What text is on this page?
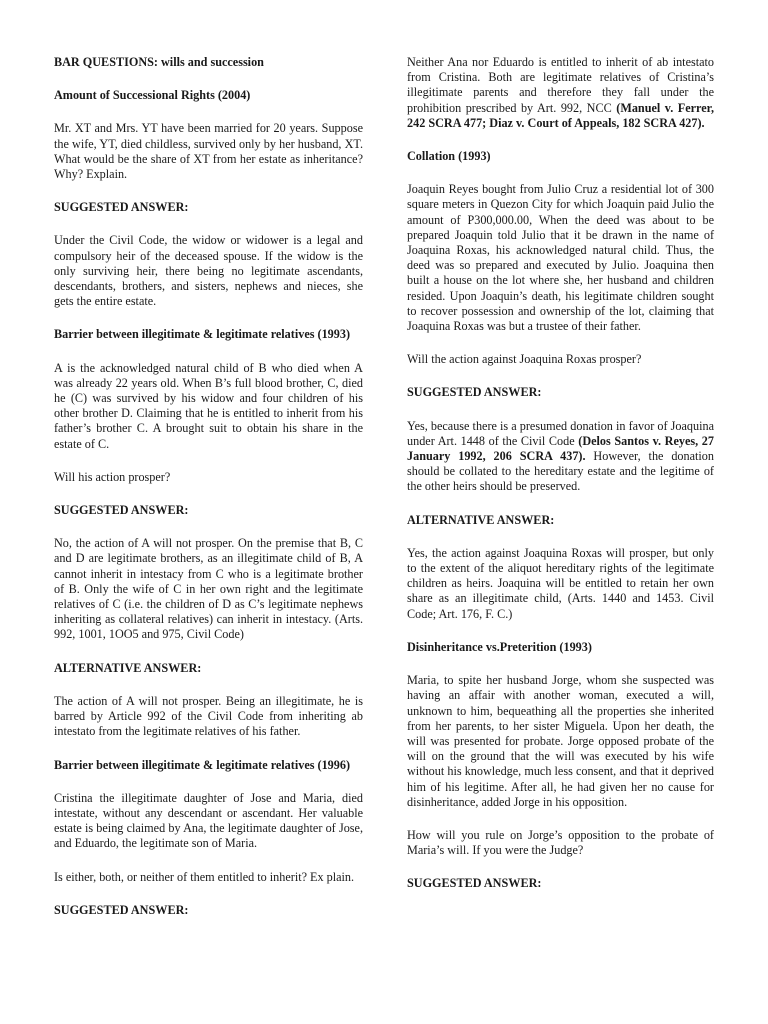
BAR QUESTIONS: wills and succession
Amount of Successional Rights (2004)

Mr. XT and Mrs. YT have been married for 20 years. Suppose the wife, YT, died childless, survived only by her husband, XT. What would be the share of XT from her estate as inheritance? Why? Explain.

SUGGESTED ANSWER:

Under the Civil Code, the widow or widower is a legal and compulsory heir of the deceased spouse. If the widow is the only surviving heir, there being no legitimate ascendants, descendants, brothers, and sisters, nephews and nieces, she gets the entire estate.

Barrier between illegitimate & legitimate relatives (1993)

A is the acknowledged natural child of B who died when A was already 22 years old. When B’s full blood brother, C, died he (C) was survived by his widow and four children of his other brother D. Claiming that he is entitled to inherit from his father’s brother C. A brought suit to obtain his share in the estate of C.

Will his action prosper?

SUGGESTED ANSWER:

No, the action of A will not prosper. On the premise that B, C and D are legitimate brothers, as an illegitimate child of B, A cannot inherit in intestacy from C who is a legitimate brother of B. Only the wife of C in her own right and the legitimate relatives of C (i.e. the children of D as C’s legitimate nephews inheriting as collateral relatives) can inherit in intestacy. (Arts. 992, 1001, 1OO5 and 975, Civil Code)

ALTERNATIVE ANSWER:

The action of A will not prosper. Being an illegitimate, he is barred by Article 992 of the Civil Code from inheriting ab intestato from the legitimate relatives of his father.

Barrier between illegitimate & legitimate relatives (1996)

Cristina the illegitimate daughter of Jose and Maria, died intestate, without any descendant or ascendant. Her valuable estate is being claimed by Ana, the legitimate daughter of Jose, and Eduardo, the legitimate son of Maria.

Is either, both, or neither of them entitled to inherit? Ex plain.

SUGGESTED ANSWER:

Neither Ana nor Eduardo is entitled to inherit of ab intestato from Cristina. Both are legitimate relatives of Cristina’s illegitimate parents and therefore they fall under the prohibition prescribed by Art. 992, NCC (Manuel v. Ferrer, 242 SCRA 477; Diaz v. Court of Appeals, 182 SCRA 427).

Collation (1993)

Joaquin Reyes bought from Julio Cruz a residential lot of 300 square meters in Quezon City for which Joaquin paid Julio the amount of P300,000.00, When the deed was about to be prepared Joaquin told Julio that it be drawn in the name of Joaquina Roxas, his acknowledged natural child. Thus, the deed was so prepared and executed by Julio. Joaquina then built a house on the lot where she, her husband and children resided. Upon Joaquin’s death, his legitimate children sought to recover possession and ownership of the lot, claiming that Joaquina Roxas was but a trustee of their father.

Will the action against Joaquina Roxas prosper?

SUGGESTED ANSWER:

Yes, because there is a presumed donation in favor of Joaquina under Art. 1448 of the Civil Code (Delos Santos v. Reyes, 27 January 1992, 206 SCRA 437). However, the donation should be collated to the hereditary estate and the legitime of the other heirs should be preserved.

ALTERNATIVE ANSWER:

Yes, the action against Joaquina Roxas will prosper, but only to the extent of the aliquot hereditary rights of the legitimate children as heirs. Joaquina will be entitled to retain her own share as an illegitimate child, (Arts. 1440 and 1453. Civil Code; Art. 176, F. C.)

Disinheritance vs.Preterition (1993)

Maria, to spite her husband Jorge, whom she suspected was having an affair with another woman, executed a will, unknown to him, bequeathing all the properties she inherited from her parents, to her sister Miguela. Upon her death, the will was presented for probate. Jorge opposed probate of the will on the ground that the will was executed by his wife without his knowledge, much less consent, and that it deprived him of his legitime. After all, he had given her no cause for disinheritance, added Jorge in his opposition.

How will you rule on Jorge’s opposition to the probate of Maria’s will. If you were the Judge?

SUGGESTED ANSWER:
